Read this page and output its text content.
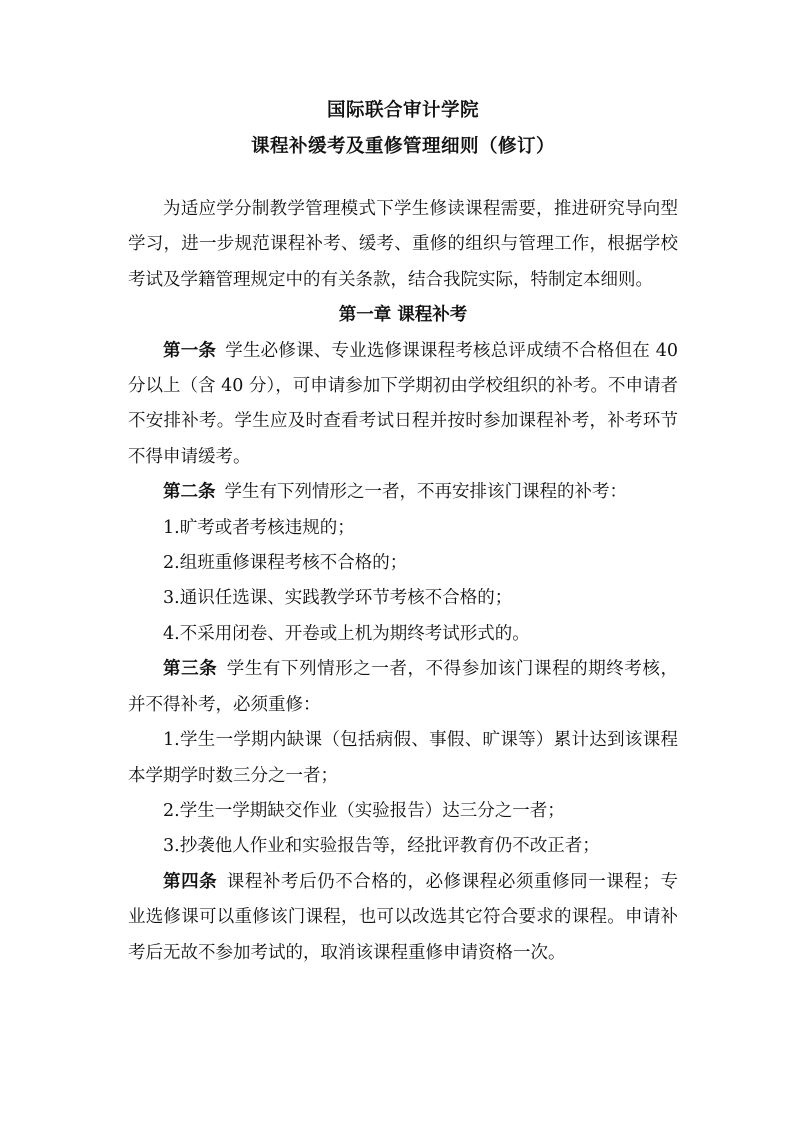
国际联合审计学院
课程补缓考及重修管理细则（修订）

为适应学分制教学管理模式下学生修读课程需要，推进研究导向型学习，进一步规范课程补考、缓考、重修的组织与管理工作，根据学校考试及学籍管理规定中的有关条款，结合我院实际，特制定本细则。

第一章 课程补考

第一条 学生必修课、专业选修课课程考核总评成绩不合格但在 40 分以上（含 40 分），可申请参加下学期初由学校组织的补考。不申请者不安排补考。学生应及时查看考试日程并按时参加课程补考，补考环节不得申请缓考。

第二条 学生有下列情形之一者，不再安排该门课程的补考：

1.旷考或者考核违规的；

2.组班重修课程考核不合格的；

3.通识任选课、实践教学环节考核不合格的；

4.不采用闭卷、开卷或上机为期终考试形式的。

第三条 学生有下列情形之一者，不得参加该门课程的期终考核，并不得补考，必须重修：

1.学生一学期内缺课（包括病假、事假、旷课等）累计达到该课程本学期学时数三分之一者；

2.学生一学期缺交作业（实验报告）达三分之一者；

3.抄袭他人作业和实验报告等，经批评教育仍不改正者；

第四条 课程补考后仍不合格的，必修课程必须重修同一课程；专业选修课可以重修该门课程，也可以改选其它符合要求的课程。申请补考后无故不参加考试的，取消该课程重修申请资格一次。
